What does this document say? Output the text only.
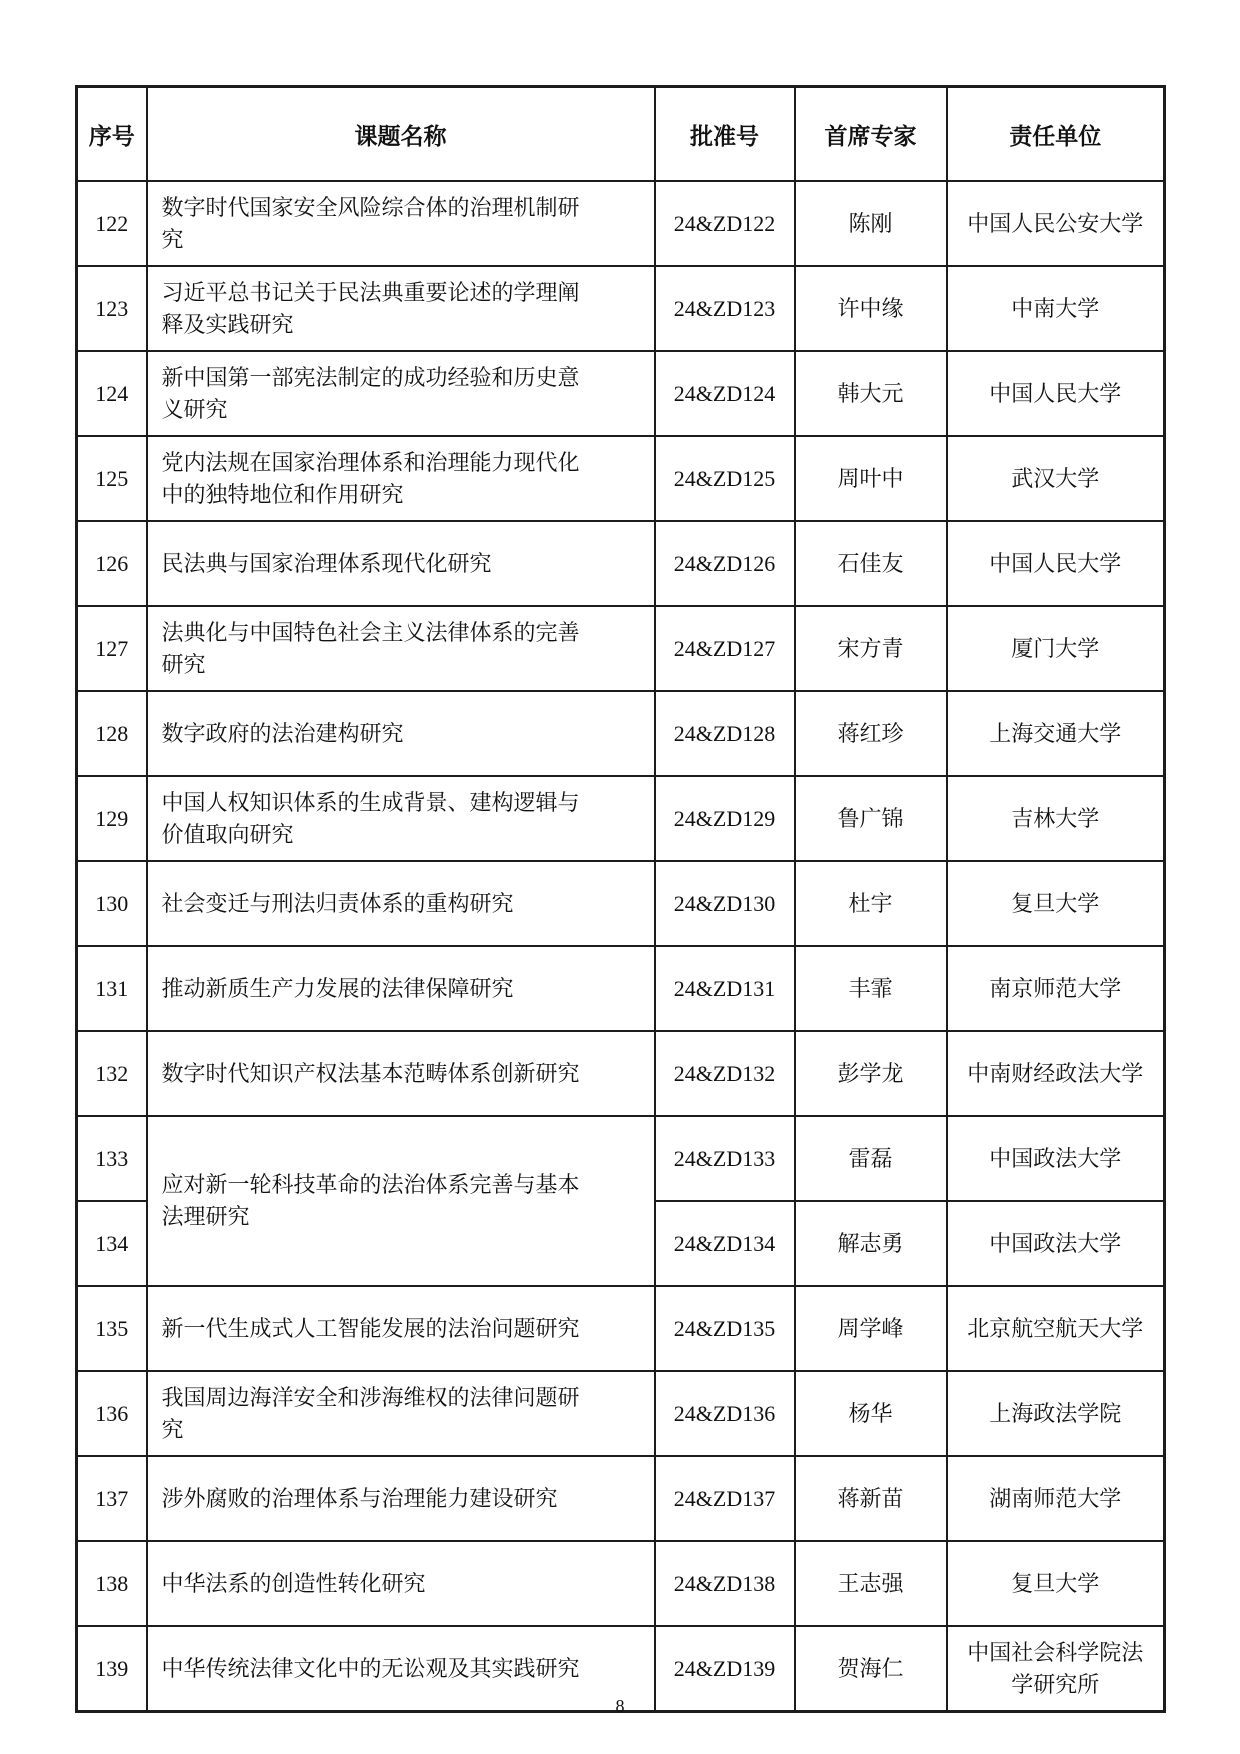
序号	课题名称	批准号	首席专家	责任单位
122	数字时代国家安全风险综合体的治理机制研究	24&ZD122	陈刚	中国人民公安大学
123	习近平总书记关于民法典重要论述的学理阐释及实践研究	24&ZD123	许中缘	中南大学
124	新中国第一部宪法制定的成功经验和历史意义研究	24&ZD124	韩大元	中国人民大学
125	党内法规在国家治理体系和治理能力现代化中的独特地位和作用研究	24&ZD125	周叶中	武汉大学
126	民法典与国家治理体系现代化研究	24&ZD126	石佳友	中国人民大学
127	法典化与中国特色社会主义法律体系的完善研究	24&ZD127	宋方青	厦门大学
128	数字政府的法治建构研究	24&ZD128	蒋红珍	上海交通大学
129	中国人权知识体系的生成背景、建构逻辑与价值取向研究	24&ZD129	鲁广锦	吉林大学
130	社会变迁与刑法归责体系的重构研究	24&ZD130	杜宇	复旦大学
131	推动新质生产力发展的法律保障研究	24&ZD131	丰霏	南京师范大学
132	数字时代知识产权法基本范畴体系创新研究	24&ZD132	彭学龙	中南财经政法大学
133	应对新一轮科技革命的法治体系完善与基本法理研究	24&ZD133	雷磊	中国政法大学
134		24&ZD134	解志勇	中国政法大学
135	新一代生成式人工智能发展的法治问题研究	24&ZD135	周学峰	北京航空航天大学
136	我国周边海洋安全和涉海维权的法律问题研究	24&ZD136	杨华	上海政法学院
137	涉外腐败的治理体系与治理能力建设研究	24&ZD137	蒋新苗	湖南师范大学
138	中华法系的创造性转化研究	24&ZD138	王志强	复旦大学
139	中华传统法律文化中的无讼观及其实践研究	24&ZD139	贺海仁	中国社会科学院法学研究所
8
